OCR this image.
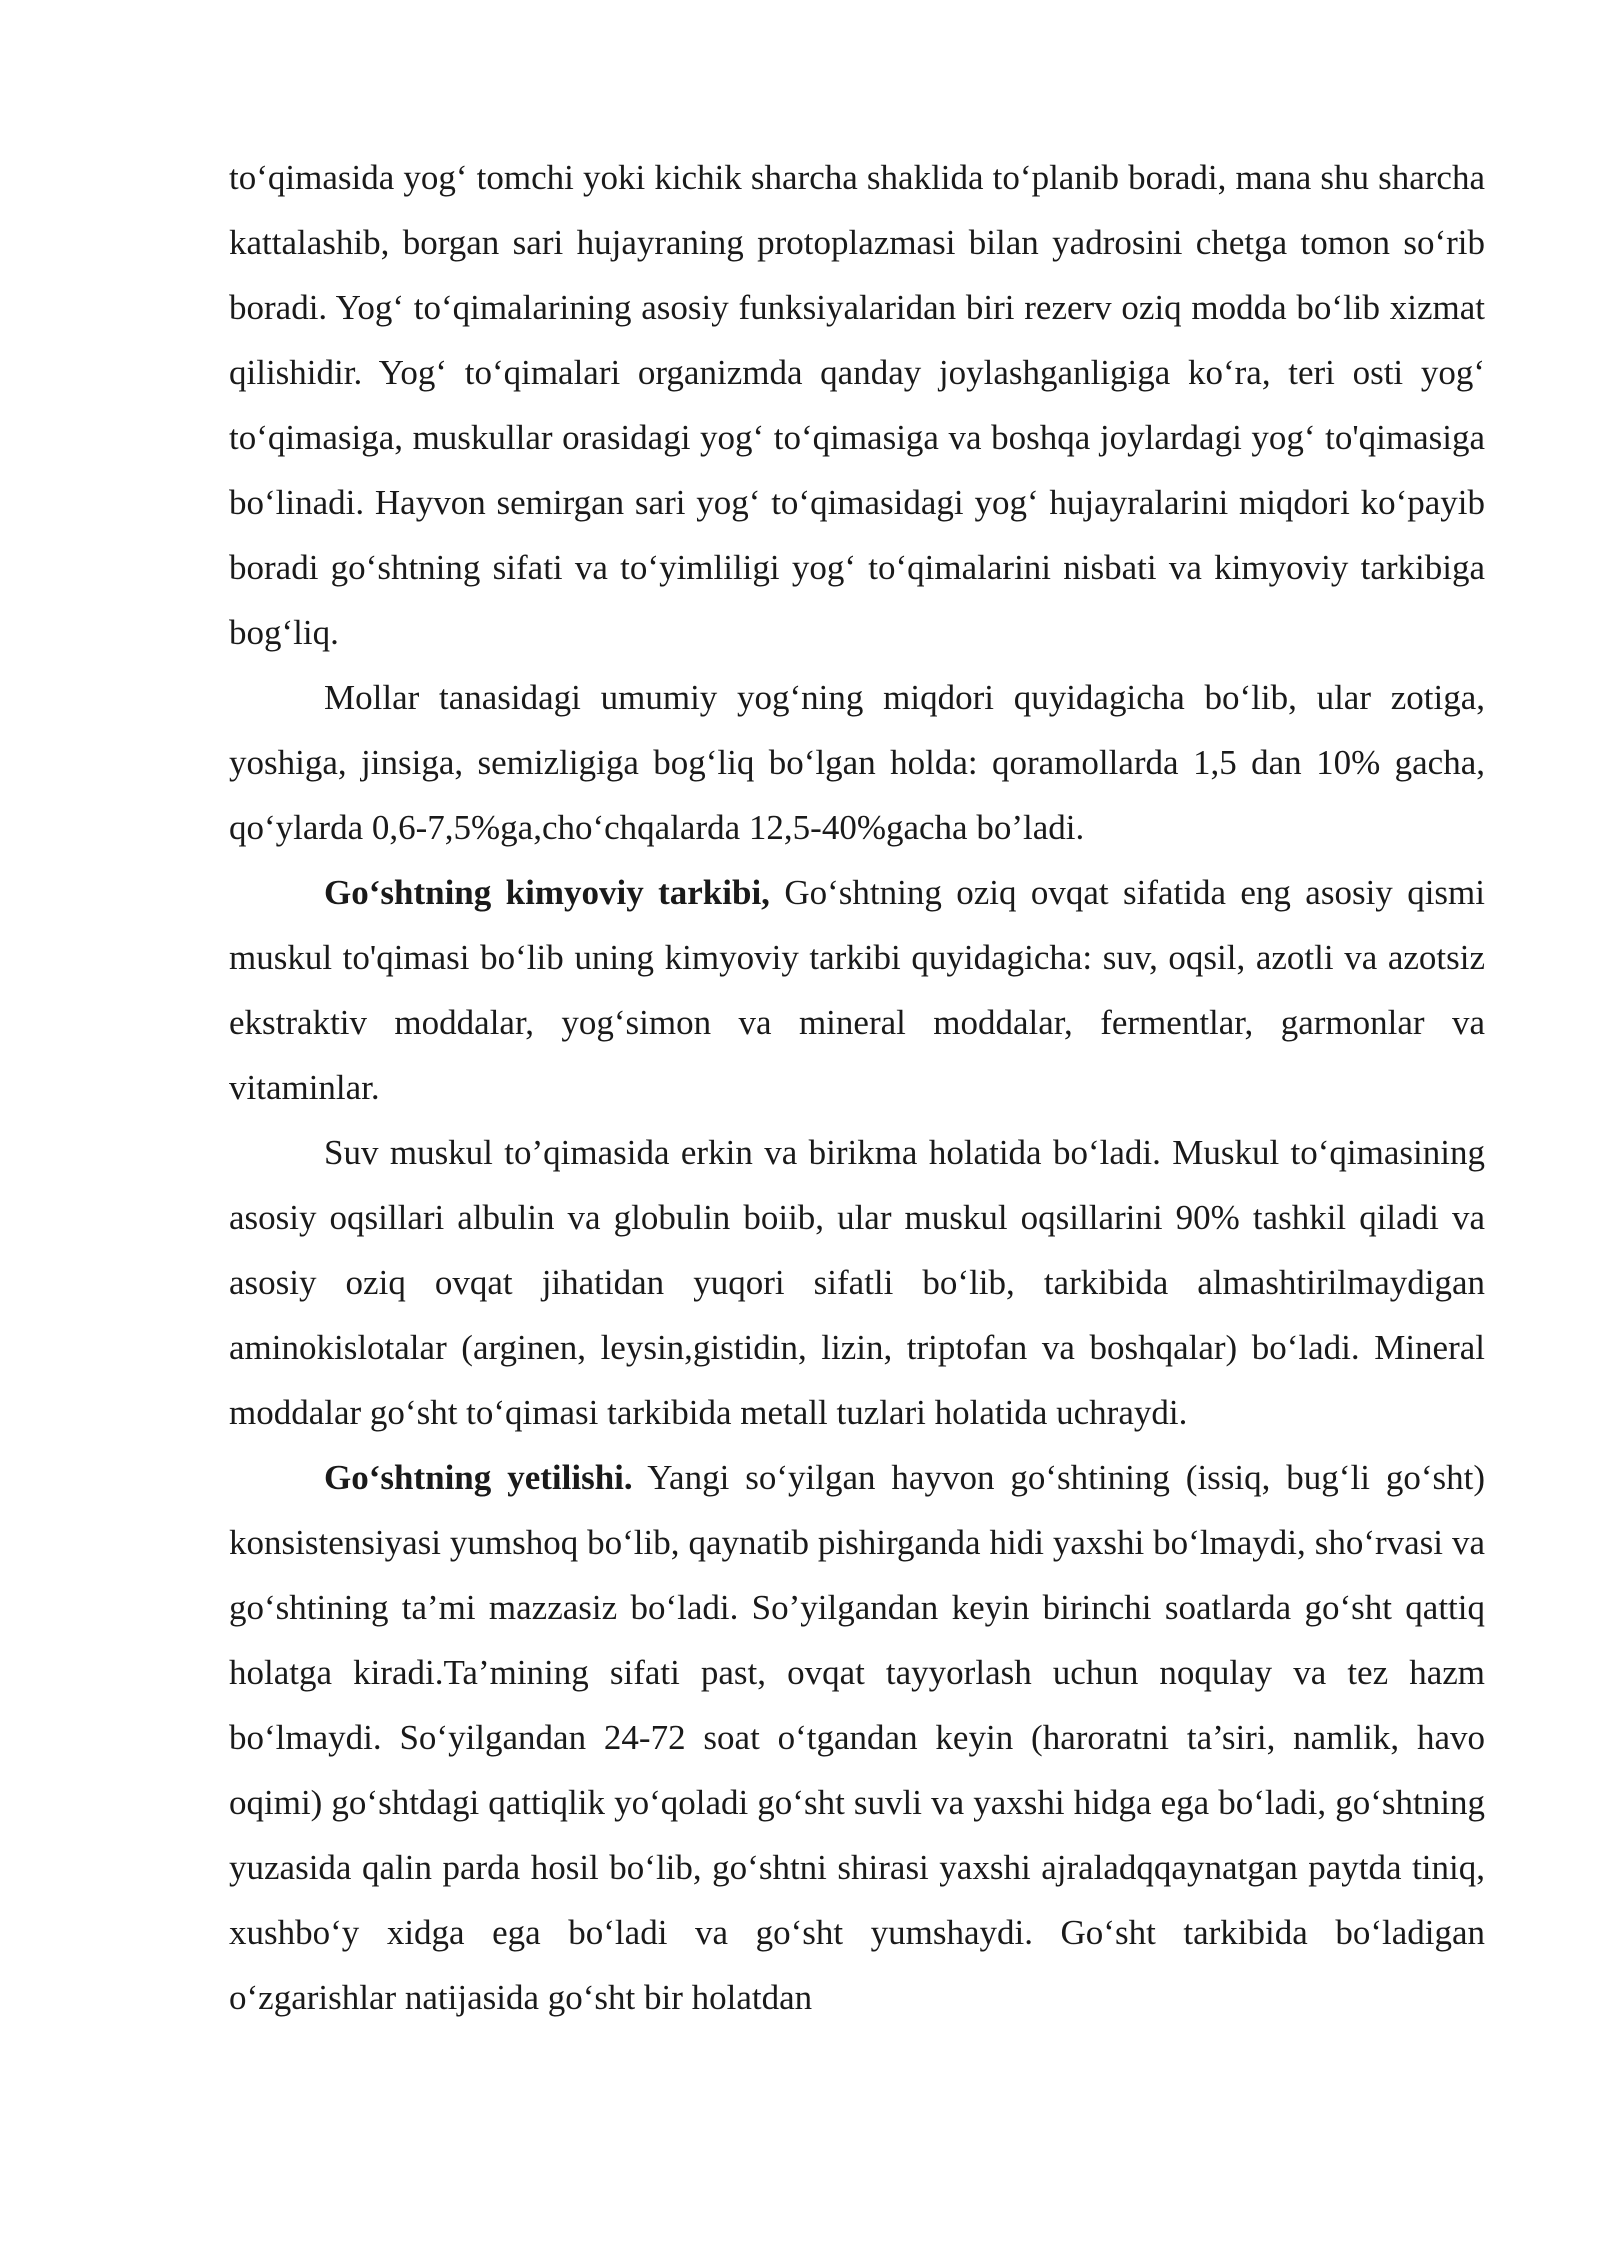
to‘qimasida yog‘ tomchi yoki kichik sharcha shaklida to‘planib boradi, mana shu sharcha kattalashib, borgan sari hujayraning protoplazmasi bilan yadrosini chetga tomon so‘rib boradi. Yog‘ to‘qimalarining asosiy funksiyalaridan biri rezerv oziq modda bo‘lib xizmat qilishidir. Yog‘ to‘qimalari organizmda qanday joylashganligiga ko‘ra, teri osti yog‘ to‘qimasiga, muskullar orasidagi yog‘ to‘qimasiga va boshqa joylardagi yog‘ to'qimasiga bo‘linadi. Hayvon semirgan sari yog‘ to‘qimasidagi yog‘ hujayralarini miqdori ko‘payib boradi go‘shtning sifati va to‘yimliligi yog‘ to‘qimalarini nisbati va kimyoviy tarkibiga bog‘liq.

Mollar tanasidagi umumiy yog‘ning miqdori quyidagicha bo‘lib, ular zotiga, yoshiga, jinsiga, semizligiga bog‘liq bo‘lgan holda: qoramollarda 1,5 dan 10% gacha, qo‘ylarda 0,6-7,5%ga,cho‘chqalarda 12,5-40%gacha bo’ladi.

Go‘shtning kimyoviy tarkibi, Go‘shtning oziq ovqat sifatida eng asosiy qismi muskul to'qimasi bo‘lib uning kimyoviy tarkibi quyidagicha: suv, oqsil, azotli va azotsiz ekstraktiv moddalar, yog‘simon va mineral moddalar, fermentlar, garmonlar va vitaminlar.

Suv muskul to’qimasida erkin va birikma holatida bo‘ladi. Muskul to‘qimasining asosiy oqsillari albulin va globulin boiib, ular muskul oqsillarini 90% tashkil qiladi va asosiy oziq ovqat jihatidan yuqori sifatli bo‘lib, tarkibida almashtirilmaydigan aminokislotalar (arginen, leysin,gistidin, lizin, triptofan va boshqalar) bo‘ladi. Mineral moddalar go‘sht to‘qimasi tarkibida metall tuzlari holatida uchraydi.

Go‘shtning yetilishi. Yangi so‘yilgan hayvon go‘shtining (issiq, bug‘li go‘sht) konsistensiyasi yumshoq bo‘lib, qaynatib pishirganda hidi yaxshi bo‘lmaydi, sho‘rvasi va go‘shtining ta’mi mazzasiz bo‘ladi. So’yilgandan keyin birinchi soatlarda go‘sht qattiq holatga kiradi.Ta’mining sifati past, ovqat tayyorlash uchun noqulay va tez hazm bo‘lmaydi. So‘yilgandan 24-72 soat o‘tgandan keyin (haroratni ta’siri, namlik, havo oqimi) go‘shtdagi qattiqlik yo‘qoladi go‘sht suvli va yaxshi hidga ega bo‘ladi, go‘shtning yuzasida qalin parda hosil bo‘lib, go‘shtni shirasi yaxshi ajraladqqaynatgan paytda tiniq, xushbo‘y xidga ega bo‘ladi va go‘sht yumshaydi. Go‘sht tarkibida bo‘ladigan o‘zgarishlar natijasida go‘sht bir holatdan
